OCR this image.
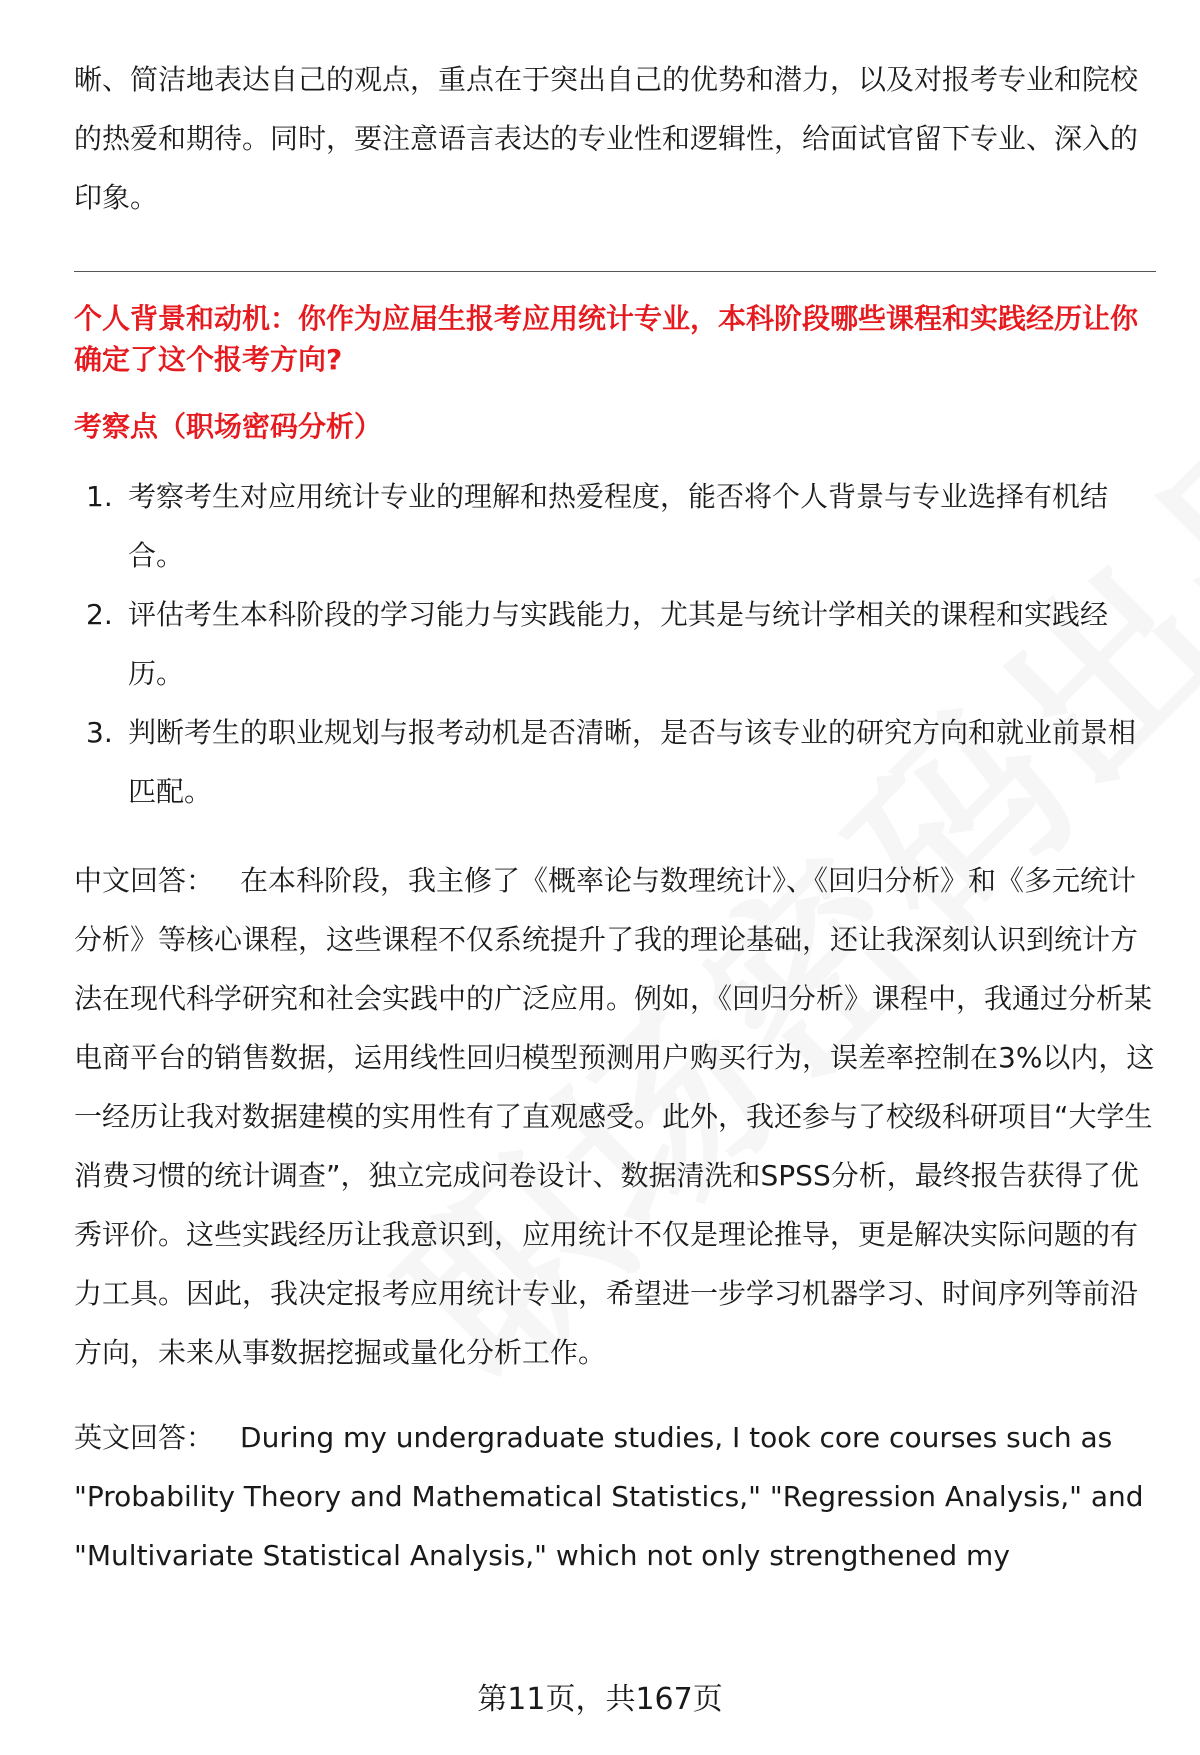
晰、简洁地表达自己的观点，重点在于突出自己的优势和潜力，以及对报考专业和院校的热爱和期待。同时，要注意语言表达的专业性和逻辑性，给面试官留下专业、深入的印象。

个人背景和动机：你作为应届生报考应用统计专业，本科阶段哪些课程和实践经历让你确定了这个报考方向?
考察点（职场密码分析）
1. 考察考生对应用统计专业的理解和热爱程度，能否将个人背景与专业选择有机结合。
2. 评估考生本科阶段的学习能力与实践能力，尤其是与统计学相关的课程和实践经历。
3. 判断考生的职业规划与报考动机是否清晰，是否与该专业的研究方向和就业前景相匹配。

中文回答： 在本科阶段，我主修了《概率论与数理统计》、《回归分析》和《多元统计分析》等核心课程，这些课程不仅系统提升了我的理论基础，还让我深刻认识到统计方法在现代科学研究和社会实践中的广泛应用。例如，《回归分析》课程中，我通过分析某电商平台的销售数据，运用线性回归模型预测用户购买行为，误差率控制在3%以内，这一经历让我对数据建模的实用性有了直观感受。此外，我还参与了校级科研项目“大学生消费习惯的统计调查”，独立完成问卷设计、数据清洗和SPSS分析，最终报告获得了优秀评价。这些实践经历让我意识到，应用统计不仅是理论推导，更是解决实际问题的有力工具。因此，我决定报考应用统计专业，希望进一步学习机器学习、时间序列等前沿方向，未来从事数据挖掘或量化分析工作。

英文回答： During my undergraduate studies, I took core courses such as "Probability Theory and Mathematical Statistics," "Regression Analysis," and "Multivariate Statistical Analysis," which not only strengthened my

第11页，共167页
